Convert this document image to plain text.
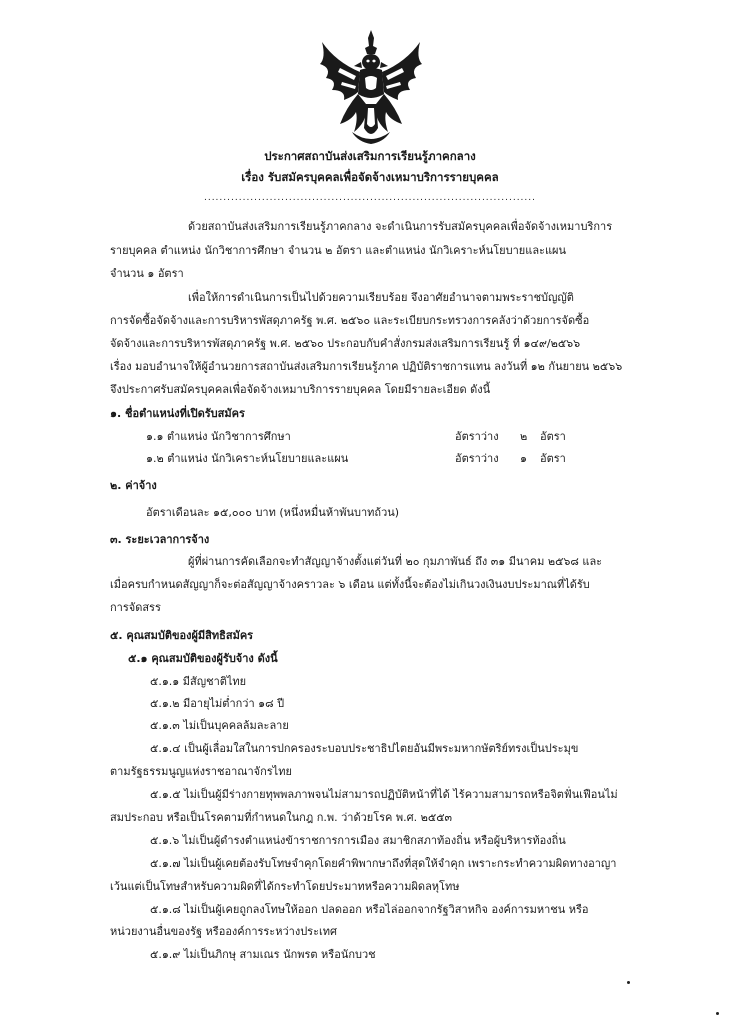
ประกาศสถาบันส่งเสริมการเรียนรู้ภาคกลาง
เรื่อง รับสมัครบุคคลเพื่อจัดจ้างเหมาบริการรายบุคคล
......................................................................................
ด้วยสถาบันส่งเสริมการเรียนรู้ภาคกลาง จะดำเนินการรับสมัครบุคคลเพื่อจัดจ้างเหมาบริการ
รายบุคคล ตำแหน่ง นักวิชาการศึกษา จำนวน ๒ อัตรา และตำแหน่ง นักวิเคราะห์นโยบายและแผน
จำนวน ๑ อัตรา
เพื่อให้การดำเนินการเป็นไปด้วยความเรียบร้อย จึงอาศัยอำนาจตามพระราชบัญญัติ
การจัดซื้อจัดจ้างและการบริหารพัสดุภาครัฐ พ.ศ. ๒๕๖๐ และระเบียบกระทรวงการคลังว่าด้วยการจัดซื้อ
จัดจ้างและการบริหารพัสดุภาครัฐ พ.ศ. ๒๕๖๐ ประกอบกับคำสั่งกรมส่งเสริมการเรียนรู้ ที่ ๑๔๙/๒๕๖๖
เรื่อง มอบอำนาจให้ผู้อำนวยการสถาบันส่งเสริมการเรียนรู้ภาค ปฏิบัติราชการแทน ลงวันที่ ๑๒ กันยายน ๒๕๖๖
จึงประกาศรับสมัครบุคคลเพื่อจัดจ้างเหมาบริการรายบุคคล โดยมีรายละเอียด ดังนี้
๑. ชื่อตำแหน่งที่เปิดรับสมัคร
๑.๑ ตำแหน่ง นักวิชาการศึกษา	อัตราว่าง ๒ อัตรา
๑.๒ ตำแหน่ง นักวิเคราะห์นโยบายและแผน	อัตราว่าง ๑ อัตรา
๒. ค่าจ้าง
อัตราเดือนละ ๑๕,๐๐๐ บาท (หนึ่งหมื่นห้าพันบาทถ้วน)
๓. ระยะเวลาการจ้าง
ผู้ที่ผ่านการคัดเลือกจะทำสัญญาจ้างตั้งแต่วันที่ ๒๐ กุมภาพันธ์ ถึง ๓๑ มีนาคม ๒๕๖๘ และ
เมื่อครบกำหนดสัญญาก็จะต่อสัญญาจ้างคราวละ ๖ เดือน แต่ทั้งนี้จะต้องไม่เกินวงเงินงบประมาณที่ได้รับ
การจัดสรร
๕. คุณสมบัติของผู้มีสิทธิสมัคร
๕.๑ คุณสมบัติของผู้รับจ้าง ดังนี้
๕.๑.๑ มีสัญชาติไทย
๕.๑.๒ มีอายุไม่ต่ำกว่า ๑๘ ปี
๕.๑.๓ ไม่เป็นบุคคลล้มละลาย
๕.๑.๔ เป็นผู้เลื่อมใสในการปกครองระบอบประชาธิปไตยอันมีพระมหากษัตริย์ทรงเป็นประมุข
ตามรัฐธรรมนูญแห่งราชอาณาจักรไทย
๕.๑.๕ ไม่เป็นผู้มีร่างกายทุพพลภาพจนไม่สามารถปฏิบัติหน้าที่ได้ ไร้ความสามารถหรือจิตฟั่นเฟือนไม่
สมประกอบ หรือเป็นโรคตามที่กำหนดในกฎ ก.พ. ว่าด้วยโรค พ.ศ. ๒๕๕๓
๕.๑.๖ ไม่เป็นผู้ดำรงตำแหน่งข้าราชการการเมือง สมาชิกสภาท้องถิ่น หรือผู้บริหารท้องถิ่น
๕.๑.๗ ไม่เป็นผู้เคยต้องรับโทษจำคุกโดยคำพิพากษาถึงที่สุดให้จำคุก เพราะกระทำความผิดทางอาญา
เว้นแต่เป็นโทษสำหรับความผิดที่ได้กระทำโดยประมาทหรือความผิดลหุโทษ
๕.๑.๘ ไม่เป็นผู้เคยถูกลงโทษให้ออก ปลดออก หรือไล่ออกจากรัฐวิสาหกิจ องค์การมหาชน หรือ
หน่วยงานอื่นของรัฐ หรือองค์การระหว่างประเทศ
๕.๑.๙ ไม่เป็นภิกษุ สามเณร นักพรต หรือนักบวช
